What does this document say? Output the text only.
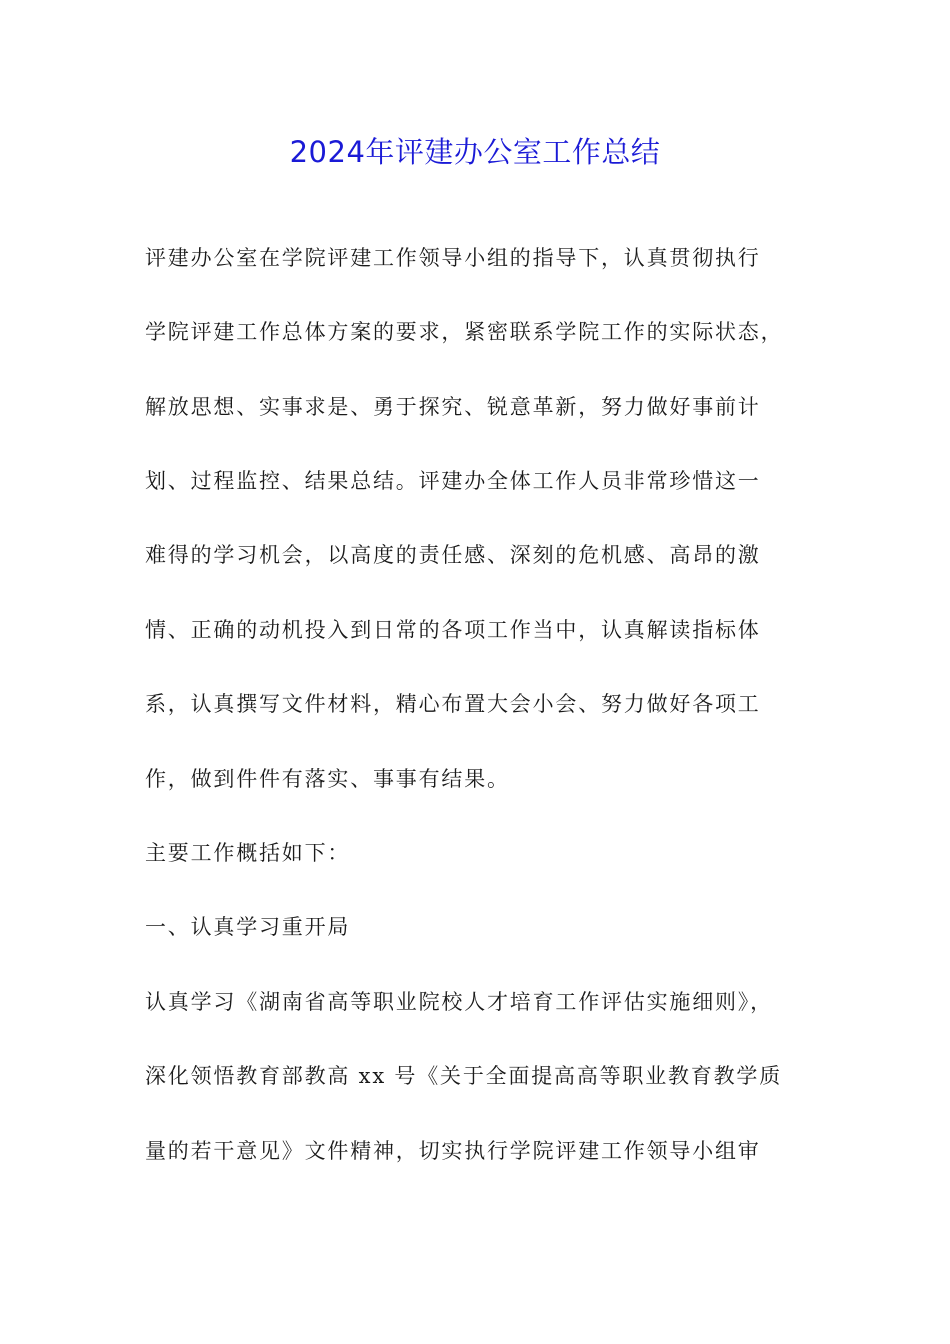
2024年评建办公室工作总结
评建办公室在学院评建工作领导小组的指导下，认真贯彻执行
学院评建工作总体方案的要求，紧密联系学院工作的实际状态，
解放思想、实事求是、勇于探究、锐意革新，努力做好事前计
划、过程监控、结果总结。评建办全体工作人员非常珍惜这一
难得的学习机会，以高度的责任感、深刻的危机感、高昂的激
情、正确的动机投入到日常的各项工作当中，认真解读指标体
系，认真撰写文件材料，精心布置大会小会、努力做好各项工
作，做到件件有落实、事事有结果。
主要工作概括如下：
一、认真学习重开局
认真学习《湖南省高等职业院校人才培育工作评估实施细则》，
深化领悟教育部教高 xx 号《关于全面提高高等职业教育教学质
量的若干意见》文件精神，切实执行学院评建工作领导小组审
